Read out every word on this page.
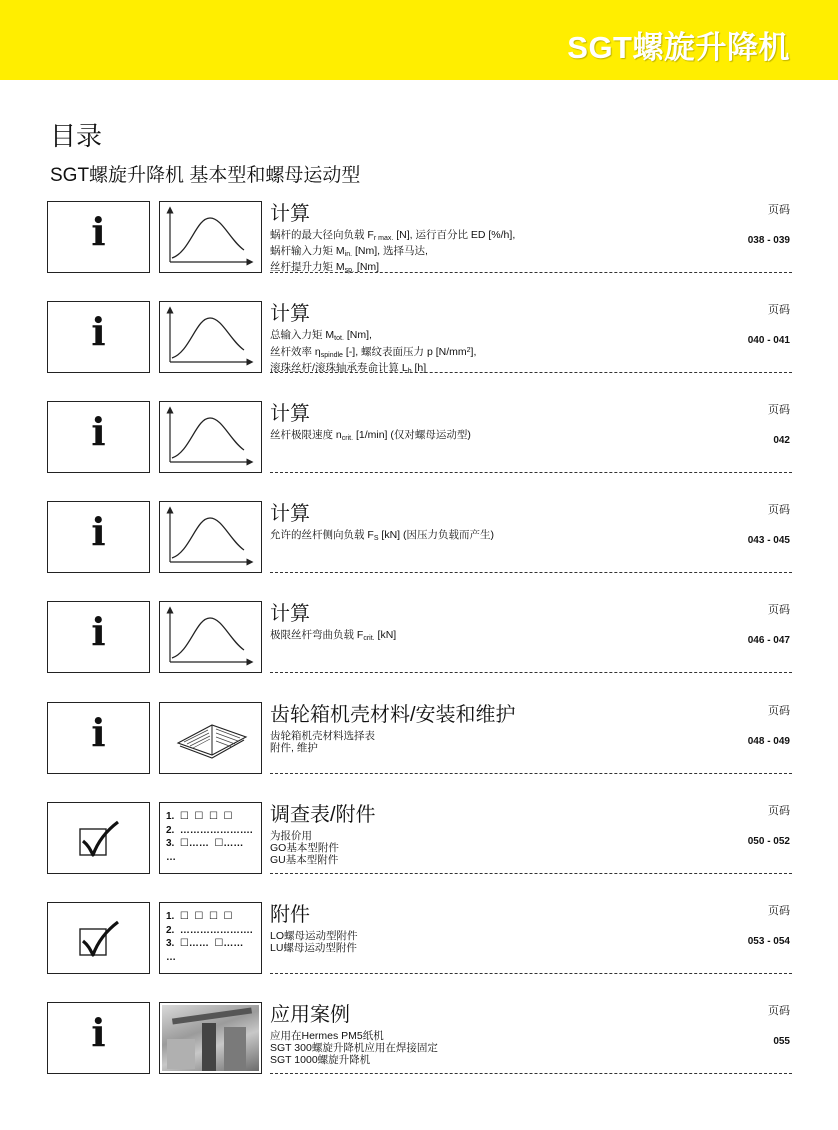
SGT螺旋升降机
目录
SGT螺旋升降机 基本型和螺母运动型
i	计算
蜗杆的最大径向负载 $F_{r max.}$ [N], 运行百分比 ED [%/h],
蜗杆输入力矩 $M_{in.}$ [Nm], 选择马达,
丝杆提升力矩 $M_{sp.}$ [Nm]
页码
038 - 039
i	计算
总输入力矩 $M_{tot.}$ [Nm],
丝杆效率 $\eta_{spindle}$ [-], 螺纹表面压力 p $[N/mm^2]$,
滚珠丝杆/滚珠轴承寿命计算 $L_h$ [h]
页码
040 - 041
i	计算
丝杆极限速度 $n_{crit.}$ [1/min] (仅对螺母运动型)
页码
042
i	计算
允许的丝杆侧向负载 $F_S$ [kN] (因压力负载而产生)
页码
043 - 045
i	计算
极限丝杆弯曲负载 $F_{crit.}$ [kN]
页码
046 - 047
i	齿轮箱机壳材料/安装和维护
齿轮箱机壳材料选择表
附件, 维护
页码
048 - 049
1.  ☐  ☐  ☐  ☐
2.  ………………….
3.  ☐……  ☐……
…
调查表/附件
为报价用
GO基本型附件
GU基本型附件
页码
050 - 052
1.  ☐  ☐  ☐  ☐
2.  ………………….
3.  ☐……  ☐……
…
附件
LO螺母运动型附件
LU螺母运动型附件
页码
053 - 054
i	应用案例
应用在Hermes PM5纸机
SGT 300螺旋升降机应用在焊接固定
SGT 1000螺旋升降机
页码
055
